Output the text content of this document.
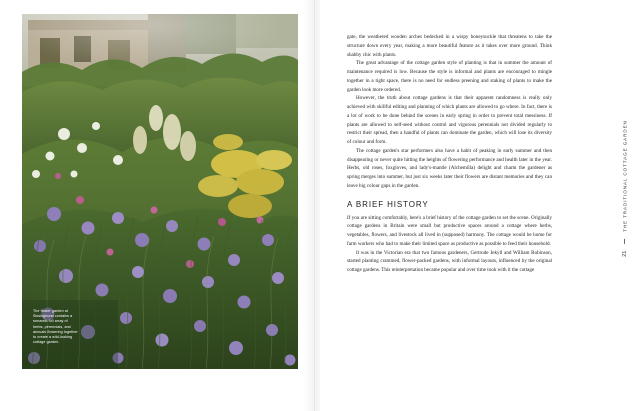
The flower garden at Sissinghurst contains a romantic full array of herbs, perennials, and annuals flowering together to create a wild-looking cottage garden.

gate, the weathered wooden arches bedecked in a wispy honeysuckle that threatens to take the structure down every year, making a more beautiful feature as it takes over more ground. Think shabby chic with plants.

The great advantage of the cottage garden style of planting is that in summer the amount of maintenance required is low. Because the style is informal and plants are encouraged to mingle together in a tight space, there is no need for endless preening and staking of plants to make the garden look more ordered.

However, the truth about cottage gardens is that their apparent randomness is really only achieved with skillful editing and planning of which plants are allowed to go where. In fact, there is a lot of work to be done behind the scenes in early spring in order to prevent total messiness. If plants are allowed to self-seed without control and vigorous perennials not divided regularly to restrict their spread, then a handful of plants can dominate the garden, which will lose its diversity of colour and form.

The cottage garden's star performers also have a habit of peaking in early summer and then disappearing or never quite hitting the heights of flowering performance and health later in the year. Herbs, old roses, foxgloves, and lady's-mantle (Alchemilla) delight and charm the gardener as spring merges into summer, but just six weeks later their flowers are distant memories and they can leave big colour gaps in the garden.

A BRIEF HISTORY

If you are sitting comfortably, here's a brief history of the cottage garden to set the scene. Originally cottage gardens in Britain were small but productive spaces around a cottage where herbs, vegetables, flowers, and livestock all lived in (supposed) harmony. The cottage would be home for farm workers who had to make their limited space as productive as possible to feed their household.

It was in the Victorian era that two famous gardeners, Gertrude Jekyll and William Robinson, started planting crammed, flower-packed gardens, with informal layouts, influenced by the original cottage gardens. This reinterpretation became popular and over time took with it the cottage

21
THE TRADITIONAL COTTAGE GARDEN
